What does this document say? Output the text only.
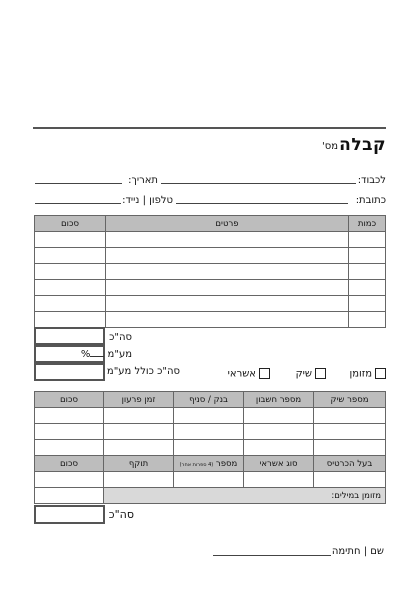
קבלה
מס'
לכבוד:
תאריך:
כתובת:
טלפון | נייד:
כמות	פרטים	סכום

סה"כ
מע"מ %
סה"כ כולל מע"מ	מזומן
שיק
אשראי
מספר שיק	מספר חשבון	בנק / סניף	זמן פרעון	סכום

בעל הכרטיס	סוג אשראי	מספר (4 ספרות אחר)	תוקף	סכום

מזומן במילים:				
סה"כ
שם | חתימה
